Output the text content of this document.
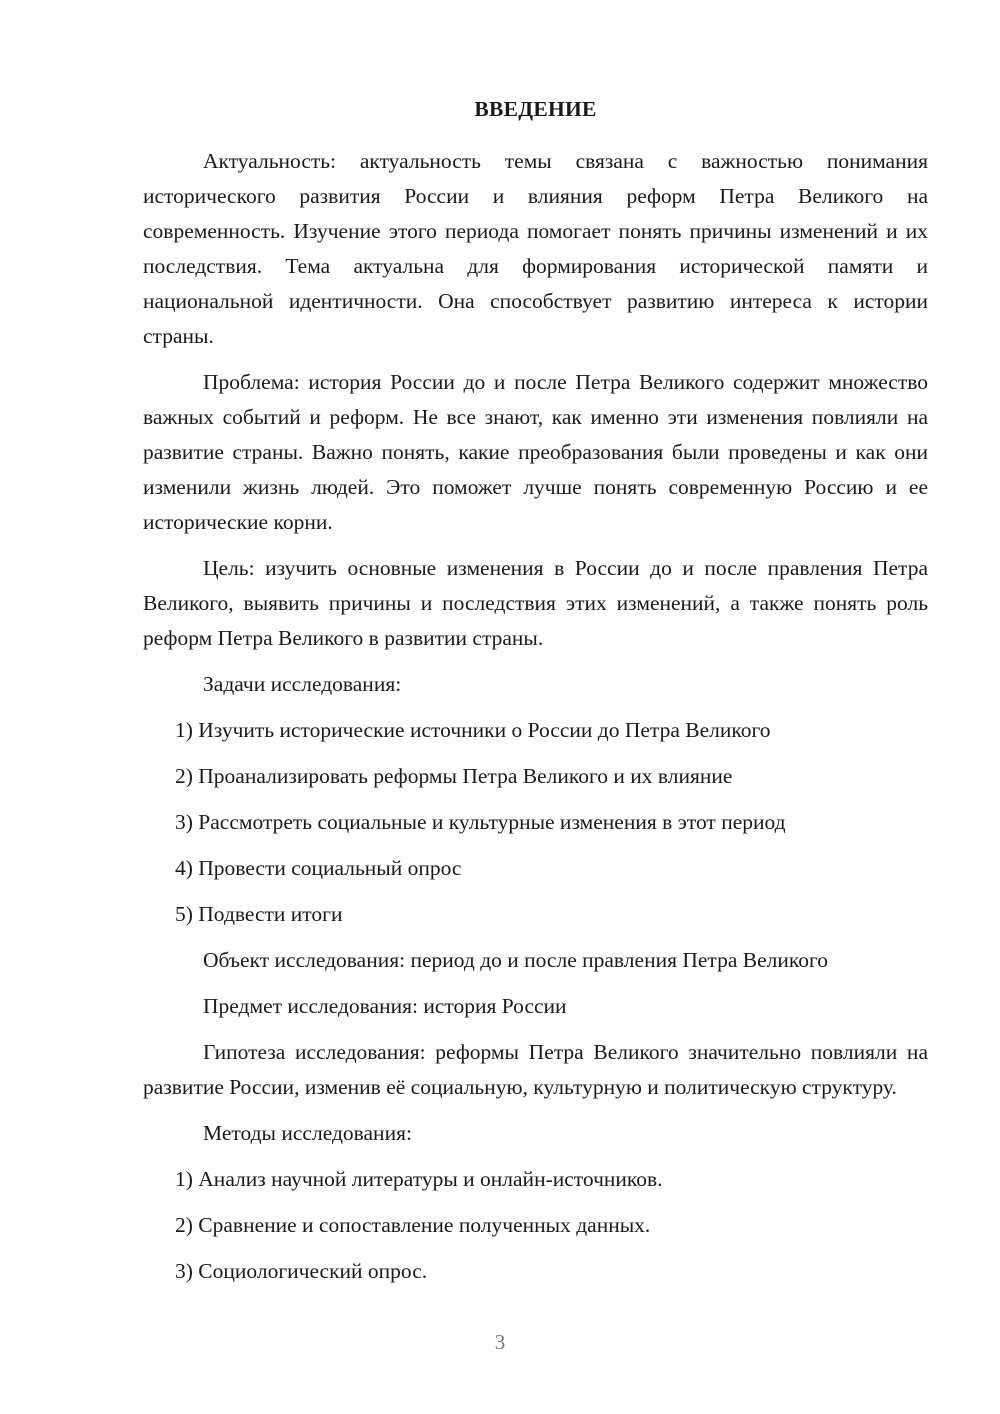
ВВЕДЕНИЕ

Актуальность: актуальность темы связана с важностью понимания исторического развития России и влияния реформ Петра Великого на современность. Изучение этого периода помогает понять причины изменений и их последствия. Тема актуальна для формирования исторической памяти и национальной идентичности. Она способствует развитию интереса к истории страны.

Проблема: история России до и после Петра Великого содержит множество важных событий и реформ. Не все знают, как именно эти изменения повлияли на развитие страны. Важно понять, какие преобразования были проведены и как они изменили жизнь людей. Это поможет лучше понять современную Россию и ее исторические корни.

Цель: изучить основные изменения в России до и после правления Петра Великого, выявить причины и последствия этих изменений, а также понять роль реформ Петра Великого в развитии страны.

Задачи исследования:
1) Изучить исторические источники о России до Петра Великого
2) Проанализировать реформы Петра Великого и их влияние
3) Рассмотреть социальные и культурные изменения в этот период
4) Провести социальный опрос
5) Подвести итоги
Объект исследования: период до и после правления Петра Великого
Предмет исследования: история России

Гипотеза исследования: реформы Петра Великого значительно повлияли на развитие России, изменив её социальную, культурную и политическую структуру.

Методы исследования:
1) Анализ научной литературы и онлайн-источников.
2) Сравнение и сопоставление полученных данных.
3) Социологический опрос.
3
